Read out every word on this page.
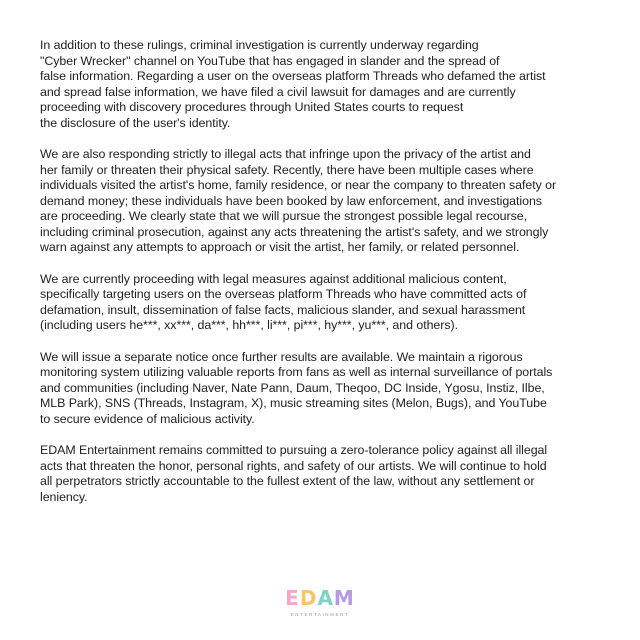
In addition to these rulings, criminal investigation is currently underway regarding
"Cyber Wrecker" channel on YouTube that has engaged in slander and the spread of
false information. Regarding a user on the overseas platform Threads who defamed the artist
and spread false information, we have filed a civil lawsuit for damages and are currently
proceeding with discovery procedures through United States courts to request
the disclosure of the user's identity.

We are also responding strictly to illegal acts that infringe upon the privacy of the artist and
her family or threaten their physical safety. Recently, there have been multiple cases where
individuals visited the artist's home, family residence, or near the company to threaten safety or
demand money; these individuals have been booked by law enforcement, and investigations
are proceeding. We clearly state that we will pursue the strongest possible legal recourse,
including criminal prosecution, against any acts threatening the artist's safety, and we strongly
warn against any attempts to approach or visit the artist, her family, or related personnel.

We are currently proceeding with legal measures against additional malicious content,
specifically targeting users on the overseas platform Threads who have committed acts of
defamation, insult, dissemination of false facts, malicious slander, and sexual harassment
(including users he***, xx***, da***, hh***, li***, pi***, hy***, yu***, and others).

We will issue a separate notice once further results are available. We maintain a rigorous
monitoring system utilizing valuable reports from fans as well as internal surveillance of portals
and communities (including Naver, Nate Pann, Daum, Theqoo, DC Inside, Ygosu, Instiz, Ilbe,
MLB Park), SNS (Threads, Instagram, X), music streaming sites (Melon, Bugs), and YouTube
to secure evidence of malicious activity.

EDAM Entertainment remains committed to pursuing a zero-tolerance policy against all illegal
acts that threaten the honor, personal rights, and safety of our artists. We will continue to hold
all perpetrators strictly accountable to the fullest extent of the law, without any settlement or
leniency.

EDAM
ENTERTAINMENT
